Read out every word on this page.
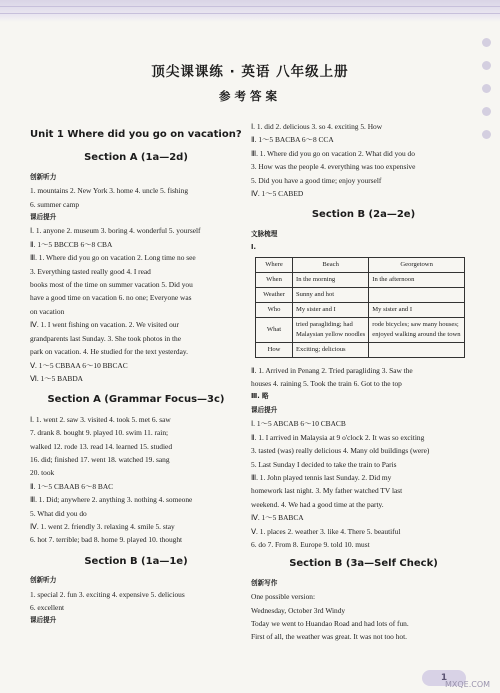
顶尖课课练 · 英语 八年级上册
参考答案
Unit 1 Where did you go on vacation?
Section A (1a—2d)
创新听力

1. mountains 2. New York 3. home 4. uncle 5. fishing

6. summer camp

课后提升

Ⅰ. 1. anyone 2. museum 3. boring 4. wonderful 5. yourself

Ⅱ. 1～5 BBCCB 6～8 CBA

Ⅲ. 1. Where did you go on vacation 2. Long time no see

3. Everything tasted really good 4. I read

books most of the time on summer vacation 5. Did you

have a good time on vacation 6. no one; Everyone was

on vacation

Ⅳ. 1. I went fishing on vacation. 2. We visited our

grandparents last Sunday. 3. She took photos in the

park on vacation. 4. He studied for the text yesterday.

Ⅴ. 1～5 CBBAA 6～10 BBCAC

Ⅵ. 1～5 BABDA

Section A (Grammar Focus—3c)

Ⅰ. 1. went 2. saw 3. visited 4. took 5. met 6. saw

7. drank 8. bought 9. played 10. swim 11. rain;

walked 12. rode 13. read 14. learned 15. studied

16. did; finished 17. went 18. watched 19. sang

20. took

Ⅱ. 1～5 CBAAB 6～8 BAC

Ⅲ. 1. Did; anywhere 2. anything 3. nothing 4. someone

5. What did you do

Ⅳ. 1. went 2. friendly 3. relaxing 4. smile 5. stay

6. hot 7. terrible; bad 8. home 9. played 10. thought

Section B (1a—1e)
创新听力

1. special 2. fun 3. exciting 4. expensive 5. delicious

6. excellent

课后提升

Ⅰ. 1. did 2. delicious 3. so 4. exciting 5. How

Ⅱ. 1～5 BACBA 6～8 CCA

Ⅲ. 1. Where did you go on vacation 2. What did you do

3. How was the people 4. everything was too expensive

5. Did you have a good time; enjoy yourself

Ⅳ. 1～5 CABED

Section B (2a—2e)
文脉梳理
Ⅰ.
Where	Beach	Georgetown
When	In the morning	In the afternoon
Weather	Sunny and hot	
Who	My sister and I	My sister and I
What	tried paragliding; had Malaysian yellow noodles	rode bicycles; saw many houses; enjoyed walking around the town
How	Exciting; delicious	

Ⅱ. 1. Arrived in Penang 2. Tried paragliding 3. Saw the

houses 4. raining 5. Took the train 6. Got to the top

Ⅲ. 略
课后提升

Ⅰ. 1～5 ABCAB 6～10 CBACB

Ⅱ. 1. I arrived in Malaysia at 9 o'clock 2. It was so exciting

3. tasted (was) really delicious 4. Many old buildings (were)

5. Last Sunday I decided to take the train to Paris

Ⅲ. 1. John played tennis last Sunday. 2. Did my

homework last night. 3. My father watched TV last

weekend. 4. We had a good time at the party.

Ⅳ. 1～5 BABCA

Ⅴ. 1. places 2. weather 3. like 4. There 5. beautiful

6. do 7. From 8. Europe 9. told 10. must

Section B (3a—Self Check)
创新写作

One possible version:

Wednesday, October 3rd Windy

Today we went to Huandao Road and had lots of fun.

First of all, the weather was great. It was not too hot.

1
MXQE.COM
